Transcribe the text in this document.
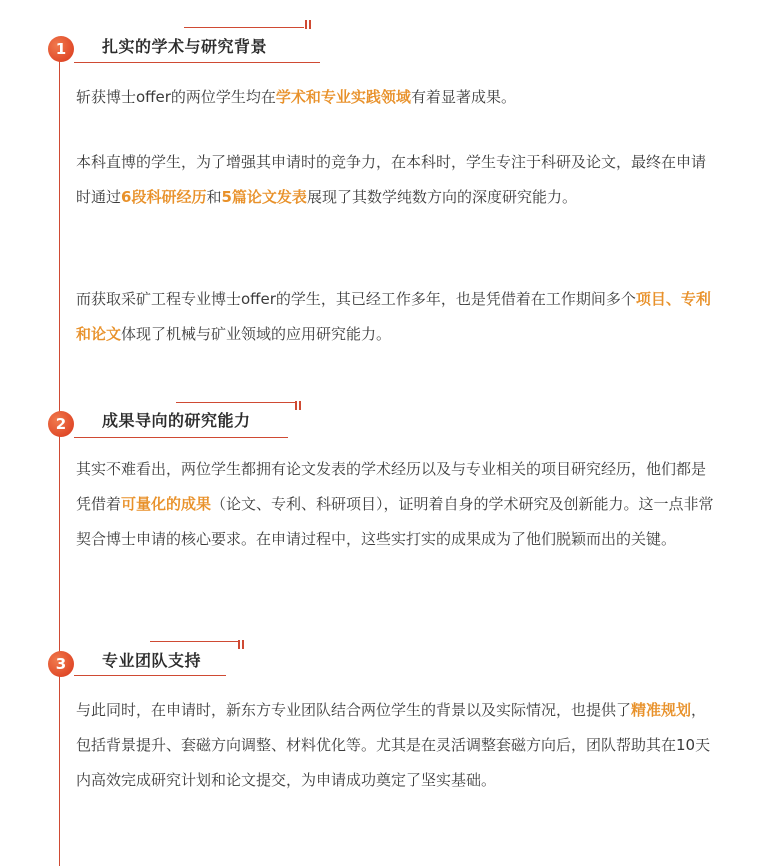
1	扎实的学术与研究背景

斩获博士offer的两位学生均在学术和专业实践领域有着显著成果。

本科直博的学生，为了增强其申请时的竞争力，在本科时，学生专注于科研及论文，最终在申请时通过6段科研经历和5篇论文发表展现了其数学纯数方向的深度研究能力。

而获取采矿工程专业博士offer的学生，其已经工作多年，也是凭借着在工作期间多个项目、专利和论文体现了机械与矿业领域的应用研究能力。

2	成果导向的研究能力

其实不难看出，两位学生都拥有论文发表的学术经历以及与专业相关的项目研究经历，他们都是凭借着可量化的成果（论文、专利、科研项目），证明着自身的学术研究及创新能力。这一点非常契合博士申请的核心要求。在申请过程中，这些实打实的成果成为了他们脱颖而出的关键。

3	专业团队支持

与此同时，在申请时，新东方专业团队结合两位学生的背景以及实际情况，也提供了精准规划，包括背景提升、套磁方向调整、材料优化等。尤其是在灵活调整套磁方向后，团队帮助其在10天内高效完成研究计划和论文提交，为申请成功奠定了坚实基础。
